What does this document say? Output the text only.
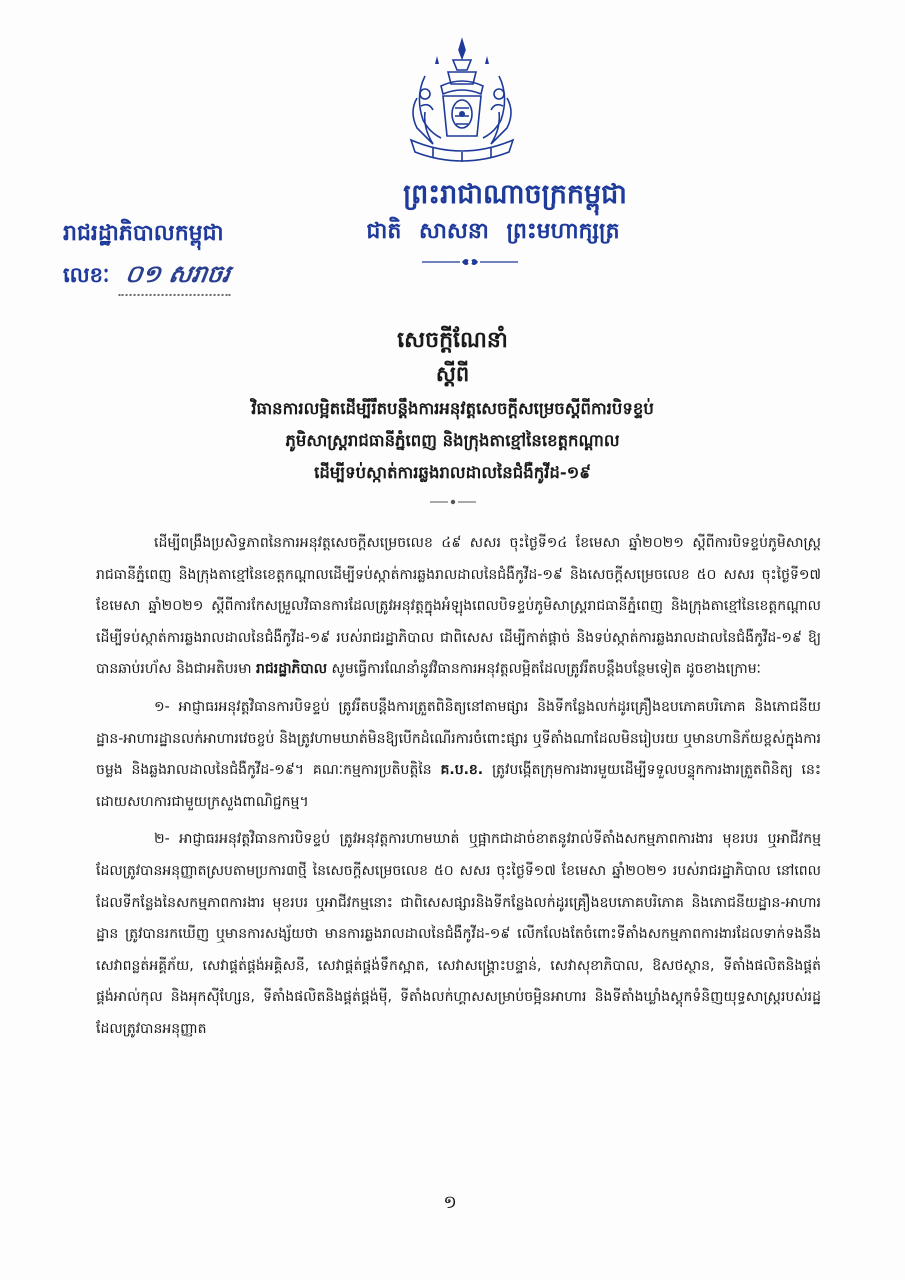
ព្រះរាជាណាចក្រកម្ពុជា
ជាតិ សាសនា ព្រះមហាក្សត្រ
រាជរដ្ឋាភិបាលកម្ពុជា
លេខៈ ០១ សរាចរ
សេចក្តីណែនាំ
ស្តីពី
វិធានការលម្អិតដើម្បីរឹតបន្តឹងការអនុវត្តសេចក្តីសម្រេចស្តីពីការបិទខ្ទប់
ភូមិសាស្ត្ររាជធានីភ្នំពេញ និងក្រុងតាខ្មៅនៃខេត្តកណ្តាល
ដើម្បីទប់ស្កាត់ការឆ្លងរាលដាលនៃជំងឺកូវីដ-១៩

ដើម្បីពង្រឹងប្រសិទ្ធភាពនៃការអនុវត្តសេចក្តីសម្រេចលេខ ៤៩ សសរ ចុះថ្ងៃទី១៤ ខែមេសា ឆ្នាំ២០២១ ស្តីពីការបិទខ្ទប់ភូមិសាស្ត្ររាជធានីភ្នំពេញ និងក្រុងតាខ្មៅនៃខេត្តកណ្តាលដើម្បីទប់ស្កាត់ការឆ្លងរាលដាលនៃជំងឺកូវីដ-១៩ និងសេចក្តីសម្រេចលេខ ៥០ សសរ ចុះថ្ងៃទី១៧ ខែមេសា ឆ្នាំ២០២១ ស្តីពីការកែសម្រួលវិធានការដែលត្រូវអនុវត្តក្នុងអំឡុងពេលបិទខ្ទប់ភូមិសាស្ត្ររាជធានីភ្នំពេញ និងក្រុងតាខ្មៅនៃខេត្តកណ្តាលដើម្បីទប់ស្កាត់ការឆ្លងរាលដាលនៃជំងឺកូវីដ-១៩ របស់រាជរដ្ឋាភិបាល ជាពិសេស ដើម្បីកាត់ផ្តាច់ និងទប់ស្កាត់ការឆ្លងរាលដាលនៃជំងឺកូវីដ-១៩ ឱ្យបានឆាប់រហ័ស និងជាអតិបរមា រាជរដ្ឋាភិបាល សូមធ្វើការណែនាំនូវវិធានការអនុវត្តលម្អិតដែលត្រូវរឹតបន្តឹងបន្ថែមទៀត ដូចខាងក្រោមៈ

១- អាជ្ញាធរអនុវត្តវិធានការបិទខ្ទប់ ត្រូវរឹតបន្តឹងការត្រួតពិនិត្យនៅតាមផ្សារ និងទីកន្លែងលក់ដូរគ្រឿងឧបភោគបរិភោគ និងភោជនីយដ្ឋាន-អាហារដ្ឋានលក់អាហារវេចខ្ចប់ និងត្រូវហាមឃាត់មិនឱ្យបើកដំណើរការចំពោះផ្សារ ឬទីតាំងណាដែលមិនរៀបរយ ឬមានហានិភ័យខ្ពស់ក្នុងការចម្លង និងឆ្លងរាលដាលនៃជំងឺកូវីដ-១៩។ គណៈកម្មការប្រតិបត្តិនៃ គ.ប.ខ. ត្រូវបង្កើតក្រុមការងារមួយដើម្បីទទួលបន្ទុកការងារត្រួតពិនិត្យ នេះដោយសហការជាមួយក្រសួងពាណិជ្ជកម្ម។

២- អាជ្ញាធរអនុវត្តវិធានការបិទខ្ទប់ ត្រូវអនុវត្តការហាមឃាត់ ឬផ្អាកជាដាច់ខាតនូវរាល់ទីតាំងសកម្មភាពការងារ មុខរបរ ឬអាជីវកម្ម ដែលត្រូវបានអនុញ្ញាតស្របតាមប្រការ៣ថ្មី នៃសេចក្តីសម្រេចលេខ ៥០ សសរ ចុះថ្ងៃទី១៧ ខែមេសា ឆ្នាំ២០២១ របស់រាជរដ្ឋាភិបាល នៅពេលដែលទីកន្លែងនៃសកម្មភាពការងារ មុខរបរ ឬអាជីវកម្មនោះ ជាពិសេសផ្សារនិងទីកន្លែងលក់ដូរគ្រឿងឧបភោគបរិភោគ និងភោជនីយដ្ឋាន-អាហារដ្ឋាន ត្រូវបានរកឃើញ ឬមានការសង្ស័យថា មានការឆ្លងរាលដាលនៃជំងឺកូវីដ-១៩ លើកលែងតែចំពោះទីតាំងសកម្មភាពការងារដែលទាក់ទងនឹងសេវាពន្លត់អគ្គីភ័យ, សេវាផ្គត់ផ្គង់អគ្គិសនី, សេវាផ្គត់ផ្គង់ទឹកស្អាត, សេវាសង្គ្រោះបន្ទាន់, សេវាសុខាភិបាល, ឱសថស្ថាន, ទីតាំងផលិតនិងផ្គត់ផ្គង់អាល់កុល និងអុកស៊ីហ្សែន, ទីតាំងផលិតនិងផ្គត់ផ្គង់ម៉ី, ទីតាំងលក់ហ្គាសសម្រាប់ចម្អិនអាហារ និងទីតាំងឃ្លាំងស្តុកទំនិញយុទ្ធសាស្ត្ររបស់រដ្ឋ ដែលត្រូវបានអនុញ្ញាត

១
